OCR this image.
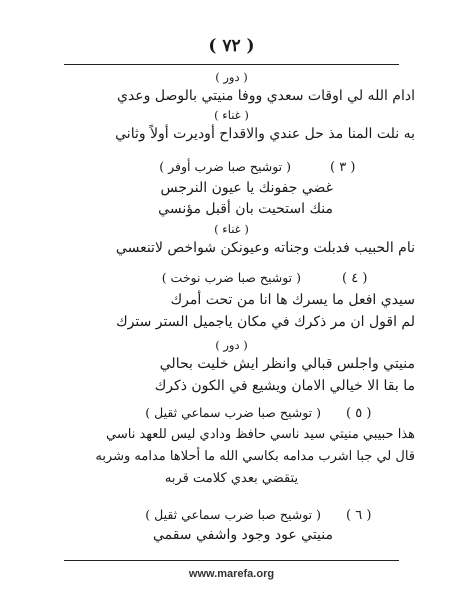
( ٧٢ )
( دور )
ادام الله لي اوقات سعدي ووفا منيتي بالوصل وعدي
( غناء )
به نلت المنا مذ حل عندي والاقداح أوديرت أولاً وثاني
( ٣ )
( توشيح صبا ضرب أوفر )
غضي جفونك يا عيون النرجس
منك استحيت بان أقبل مؤنسي
( غناء )
نام الحبيب فدبلت وجناته وعيونكن شواخص لاتنعسي
( ٤ )
( توشيح صبا ضرب نوخت )
سيدي افعل ما يسرك ها انا من تحت أمرك
لم اقول ان مر ذكرك في مكان ياجميل الستر سترك
( دور )
منيتي واجلس قبالي وانظر ايش خليت بحالي
ما بقا الا خيالي الامان ويشيع في الكون ذكرك
( ٥ )
( توشيح صبا ضرب سماعي ثقيل )
هذا حبيبي منيتي سيد ناسي حافظ ودادي ليس للعهد ناسي
قال لي جبا اشرب مدامه بكاسي الله ما أحلاها مدامه وشربه
يتقضي بعدي كلامت قربه
( ٦ )
( توشيح صبا ضرب سماعي ثقيل )
منيتي عود وجود واشفي سقمي
www.marefa.org
